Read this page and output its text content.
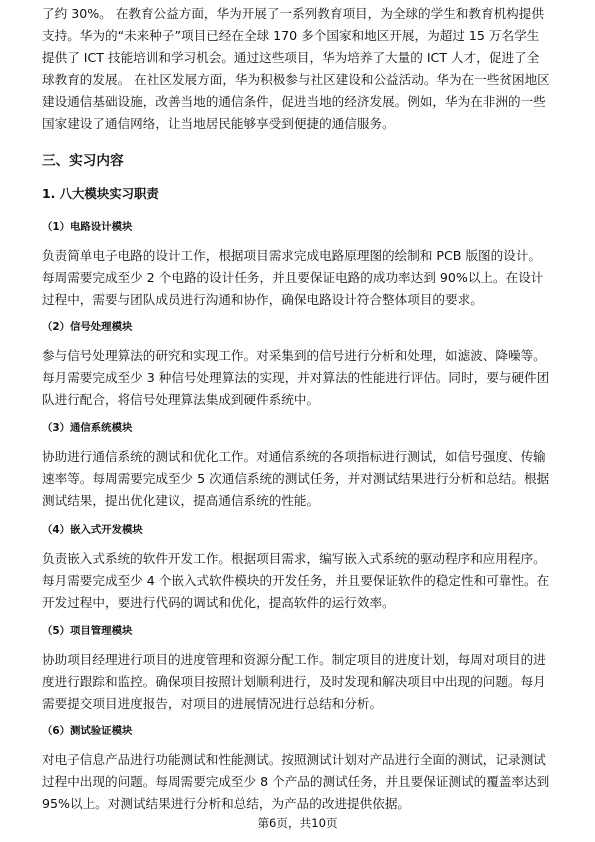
了约 30%。 在教育公益方面，华为开展了一系列教育项目，为全球的学生和教育机构提供
支持。华为的“未来种子”项目已经在全球 170 多个国家和地区开展，为超过 15 万名学生
提供了 ICT 技能培训和学习机会。通过这些项目，华为培养了大量的 ICT 人才，促进了全
球教育的发展。 在社区发展方面，华为积极参与社区建设和公益活动。华为在一些贫困地区
建设通信基础设施，改善当地的通信条件，促进当地的经济发展。例如，华为在非洲的一些
国家建设了通信网络，让当地居民能够享受到便捷的通信服务。

三、实习内容

1. 八大模块实习职责

（1）电路设计模块

负责简单电子电路的设计工作，根据项目需求完成电路原理图的绘制和 PCB 版图的设计。
每周需要完成至少 2 个电路的设计任务，并且要保证电路的成功率达到 90%以上。在设计
过程中，需要与团队成员进行沟通和协作，确保电路设计符合整体项目的要求。

（2）信号处理模块

参与信号处理算法的研究和实现工作。对采集到的信号进行分析和处理，如滤波、降噪等。
每月需要完成至少 3 种信号处理算法的实现，并对算法的性能进行评估。同时，要与硬件团
队进行配合，将信号处理算法集成到硬件系统中。

（3）通信系统模块

协助进行通信系统的测试和优化工作。对通信系统的各项指标进行测试，如信号强度、传输
速率等。每周需要完成至少 5 次通信系统的测试任务，并对测试结果进行分析和总结。根据
测试结果，提出优化建议，提高通信系统的性能。

（4）嵌入式开发模块

负责嵌入式系统的软件开发工作。根据项目需求，编写嵌入式系统的驱动程序和应用程序。
每月需要完成至少 4 个嵌入式软件模块的开发任务，并且要保证软件的稳定性和可靠性。在
开发过程中，要进行代码的调试和优化，提高软件的运行效率。

（5）项目管理模块

协助项目经理进行项目的进度管理和资源分配工作。制定项目的进度计划，每周对项目的进
度进行跟踪和监控。确保项目按照计划顺利进行，及时发现和解决项目中出现的问题。每月
需要提交项目进度报告，对项目的进展情况进行总结和分析。

（6）测试验证模块

对电子信息产品进行功能测试和性能测试。按照测试计划对产品进行全面的测试，记录测试
过程中出现的问题。每周需要完成至少 8 个产品的测试任务，并且要保证测试的覆盖率达到
95%以上。对测试结果进行分析和总结，为产品的改进提供依据。

第6页，共10页
